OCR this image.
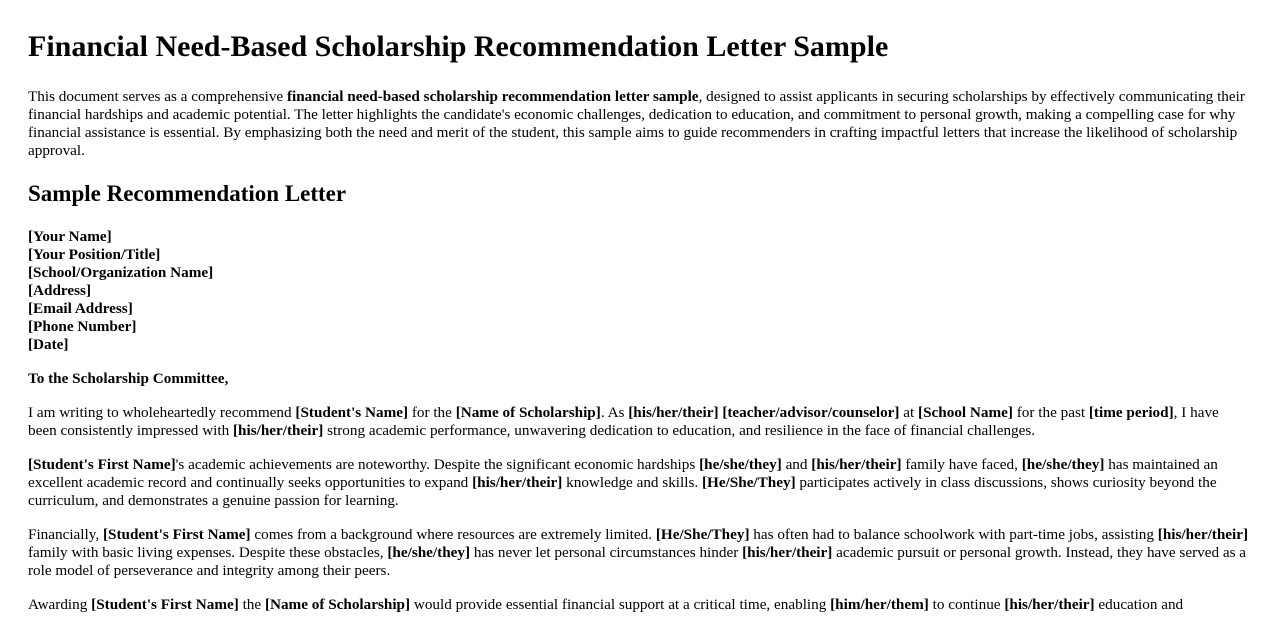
Financial Need-Based Scholarship Recommendation Letter Sample

This document serves as a comprehensive financial need-based scholarship recommendation letter sample, designed to assist applicants in securing scholarships by effectively communicating their financial hardships and academic potential. The letter highlights the candidate's economic challenges, dedication to education, and commitment to personal growth, making a compelling case for why financial assistance is essential. By emphasizing both the need and merit of the student, this sample aims to guide recommenders in crafting impactful letters that increase the likelihood of scholarship approval.

Sample Recommendation Letter
[Your Name]
[Your Position/Title]
[School/Organization Name]
[Address]
[Email Address]
[Phone Number]
[Date]

To the Scholarship Committee,

I am writing to wholeheartedly recommend [Student's Name] for the [Name of Scholarship]. As [his/her/their] [teacher/advisor/counselor] at [School Name] for the past [time period], I have been consistently impressed with [his/her/their] strong academic performance, unwavering dedication to education, and resilience in the face of financial challenges.

[Student's First Name]'s academic achievements are noteworthy. Despite the significant economic hardships [he/she/they] and [his/her/their] family have faced, [he/she/they] has maintained an excellent academic record and continually seeks opportunities to expand [his/her/their] knowledge and skills. [He/She/They] participates actively in class discussions, shows curiosity beyond the curriculum, and demonstrates a genuine passion for learning.

Financially, [Student's First Name] comes from a background where resources are extremely limited. [He/She/They] has often had to balance schoolwork with part-time jobs, assisting [his/her/their] family with basic living expenses. Despite these obstacles, [he/she/they] has never let personal circumstances hinder [his/her/their] academic pursuit or personal growth. Instead, they have served as a role model of perseverance and integrity among their peers.

Awarding [Student's First Name] the [Name of Scholarship] would provide essential financial support at a critical time, enabling [him/her/them] to continue [his/her/their] education and
